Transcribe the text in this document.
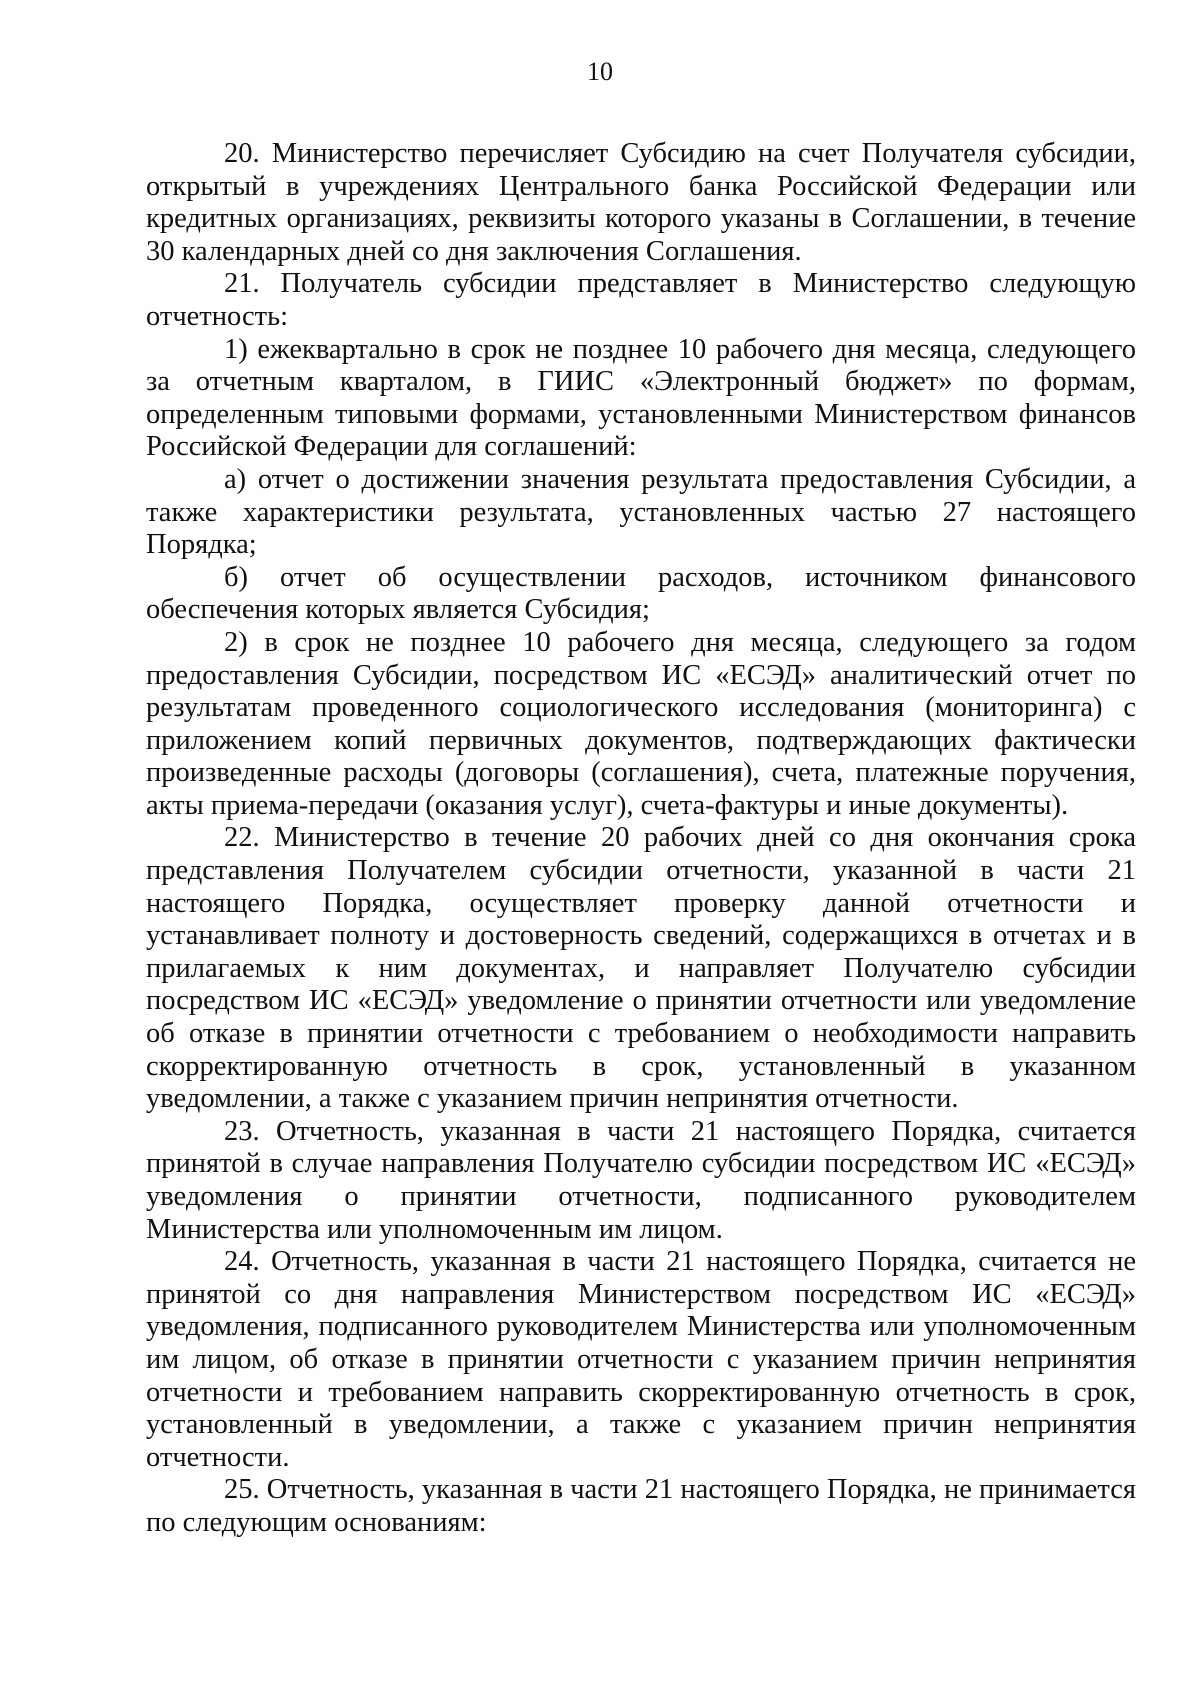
10

20. Министерство перечисляет Субсидию на счет Получателя субсидии, открытый в учреждениях Центрального банка Российской Федерации или кредитных организациях, реквизиты которого указаны в Соглашении, в течение 30 календарных дней со дня заключения Соглашения.

21. Получатель субсидии представляет в Министерство следующую отчетность:

1) ежеквартально в срок не позднее 10 рабочего дня месяца, следующего за отчетным кварталом, в ГИИС «Электронный бюджет» по формам, определенным типовыми формами, установленными Министерством финансов Российской Федерации для соглашений:

а) отчет о достижении значения результата предоставления Субсидии, а также характеристики результата, установленных частью 27 настоящего Порядка;

б) отчет об осуществлении расходов, источником финансового обеспечения которых является Субсидия;

2) в срок не позднее 10 рабочего дня месяца, следующего за годом предоставления Субсидии, посредством ИС «ЕСЭД» аналитический отчет по результатам проведенного социологического исследования (мониторинга) с приложением копий первичных документов, подтверждающих фактически произведенные расходы (договоры (соглашения), счета, платежные поручения, акты приема-передачи (оказания услуг), счета-фактуры и иные документы).

22. Министерство в течение 20 рабочих дней со дня окончания срока представления Получателем субсидии отчетности, указанной в части 21 настоящего Порядка, осуществляет проверку данной отчетности и устанавливает полноту и достоверность сведений, содержащихся в отчетах и в прилагаемых к ним документах, и направляет Получателю субсидии посредством ИС «ЕСЭД» уведомление о принятии отчетности или уведомление об отказе в принятии отчетности с требованием о необходимости направить скорректированную отчетность в срок, установленный в указанном уведомлении, а также с указанием причин непринятия отчетности.

23. Отчетность, указанная в части 21 настоящего Порядка, считается принятой в случае направления Получателю субсидии посредством ИС «ЕСЭД» уведомления о принятии отчетности, подписанного руководителем Министерства или уполномоченным им лицом.

24. Отчетность, указанная в части 21 настоящего Порядка, считается не принятой со дня направления Министерством посредством ИС «ЕСЭД» уведомления, подписанного руководителем Министерства или уполномоченным им лицом, об отказе в принятии отчетности с указанием причин непринятия отчетности и требованием направить скорректированную отчетность в срок, установленный в уведомлении, а также с указанием причин непринятия отчетности.

25. Отчетность, указанная в части 21 настоящего Порядка, не принимается по следующим основаниям:
